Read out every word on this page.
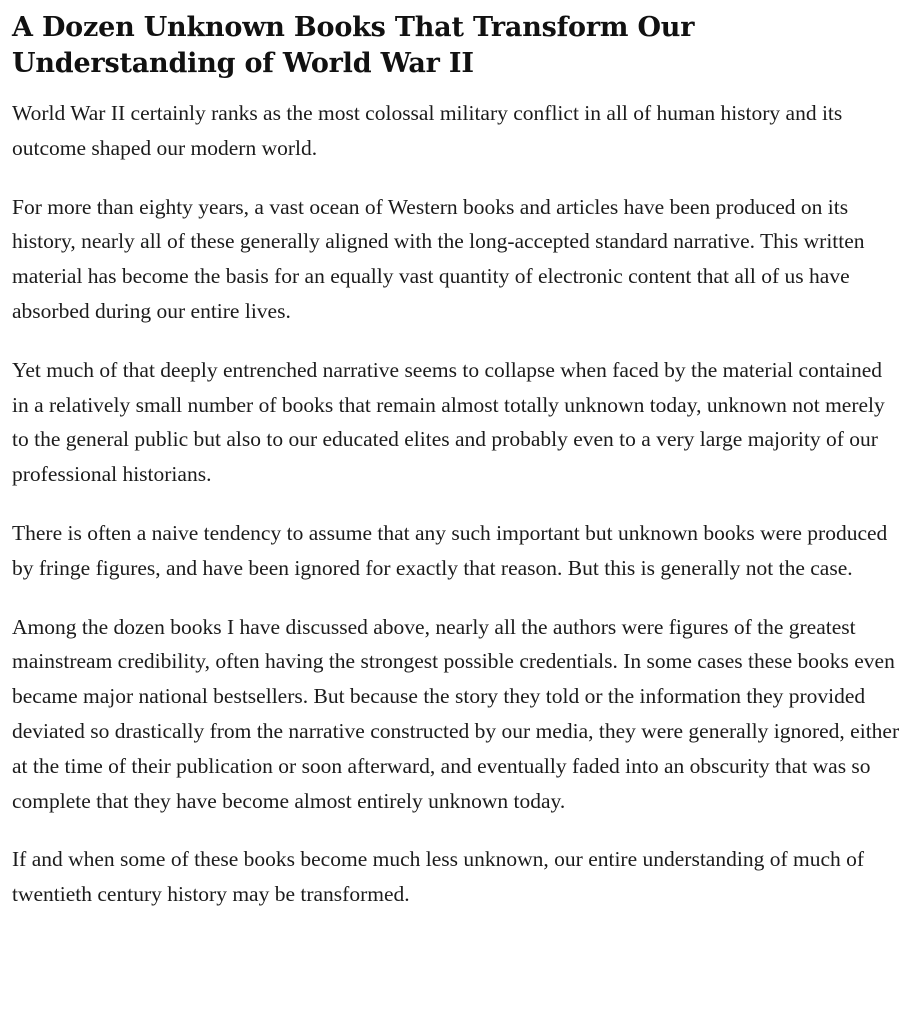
A Dozen Unknown Books That Transform Our Understanding of World War II

World War II certainly ranks as the most colossal military conflict in all of human history and its outcome shaped our modern world.

For more than eighty years, a vast ocean of Western books and articles have been produced on its history, nearly all of these generally aligned with the long-accepted standard narrative. This written material has become the basis for an equally vast quantity of electronic content that all of us have absorbed during our entire lives.

Yet much of that deeply entrenched narrative seems to collapse when faced by the material contained in a relatively small number of books that remain almost totally unknown today, unknown not merely to the general public but also to our educated elites and probably even to a very large majority of our professional historians.

There is often a naive tendency to assume that any such important but unknown books were produced by fringe figures, and have been ignored for exactly that reason. But this is generally not the case.

Among the dozen books I have discussed above, nearly all the authors were figures of the greatest mainstream credibility, often having the strongest possible credentials. In some cases these books even became major national bestsellers. But because the story they told or the information they provided deviated so drastically from the narrative constructed by our media, they were generally ignored, either at the time of their publication or soon afterward, and eventually faded into an obscurity that was so complete that they have become almost entirely unknown today.

If and when some of these books become much less unknown, our entire understanding of much of twentieth century history may be transformed.
